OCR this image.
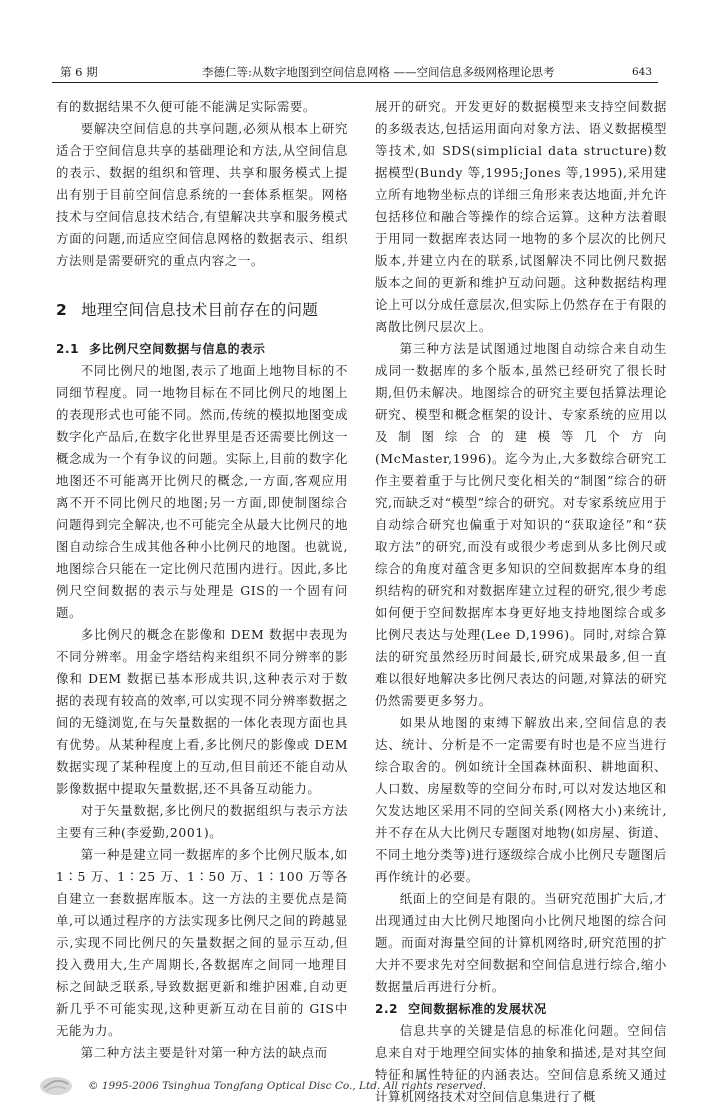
第 6 期	李德仁等:从数字地图到空间信息网格 ——空间信息多级网格理论思考	643

有的数据结果不久便可能不能满足实际需要。

要解决空间信息的共享问题,必须从根本上研究适合于空间信息共享的基础理论和方法,从空间信息的表示、数据的组织和管理、共享和服务模式上提出有别于目前空间信息系统的一套体系框架。网格技术与空间信息技术结合,有望解决共享和服务模式方面的问题,而适应空间信息网格的数据表示、组织方法则是需要研究的重点内容之一。

2 地理空间信息技术目前存在的问题
2.1 多比例尺空间数据与信息的表示

不同比例尺的地图,表示了地面上地物目标的不同细节程度。同一地物目标在不同比例尺的地图上的表现形式也可能不同。然而,传统的模拟地图变成数字化产品后,在数字化世界里是否还需要比例这一概念成为一个有争议的问题。实际上,目前的数字化地图还不可能离开比例尺的概念,一方面,客观应用离不开不同比例尺的地图;另一方面,即使制图综合问题得到完全解决,也不可能完全从最大比例尺的地图自动综合生成其他各种小比例尺的地图。也就说,地图综合只能在一定比例尺范围内进行。因此,多比例尺空间数据的表示与处理是 GIS的一个固有问题。

多比例尺的概念在影像和 DEM 数据中表现为不同分辨率。用金字塔结构来组织不同分辨率的影像和 DEM 数据已基本形成共识,这种表示对于数据的表现有较高的效率,可以实现不同分辨率数据之间的无缝浏览,在与矢量数据的一体化表现方面也具有优势。从某种程度上看,多比例尺的影像或 DEM 数据实现了某种程度上的互动,但目前还不能自动从影像数据中提取矢量数据,还不具备互动能力。

对于矢量数据,多比例尺的数据组织与表示方法主要有三种(李爱勤,2001)。

第一种是建立同一数据库的多个比例尺版本,如 1∶5 万、1∶25 万、1∶50 万、1∶100 万等各自建立一套数据库版本。这一方法的主要优点是简单,可以通过程序的方法实现多比例尺之间的跨越显示,实现不同比例尺的矢量数据之间的显示互动,但投入费用大,生产周期长,各数据库之间同一地理目标之间缺乏联系,导致数据更新和维护困难,自动更新几乎不可能实现,这种更新互动在目前的 GIS中无能为力。

第二种方法主要是针对第一种方法的缺点而

展开的研究。开发更好的数据模型来支持空间数据的多级表达,包括运用面向对象方法、语义数据模型等技术,如 SDS(simplicial data structure)数据模型(Bundy 等,1995;Jones 等,1995),采用建立所有地物坐标点的详细三角形来表达地面,并允许包括移位和融合等操作的综合运算。这种方法着眼于用同一数据库表达同一地物的多个层次的比例尺版本,并建立内在的联系,试图解决不同比例尺数据版本之间的更新和维护互动问题。这种数据结构理论上可以分成任意层次,但实际上仍然存在于有限的离散比例尺层次上。

第三种方法是试图通过地图自动综合来自动生成同一数据库的多个版本,虽然已经研究了很长时期,但仍未解决。地图综合的研究主要包括算法理论研究、模型和概念框架的设计、专家系统的应用以及制图综合的建模等几个方向(McMaster,1996)。迄今为止,大多数综合研究工作主要着重于与比例尺变化相关的“制图”综合的研究,而缺乏对“模型”综合的研究。对专家系统应用于自动综合研究也偏重于对知识的“获取途径”和“获取方法”的研究,而没有或很少考虑到从多比例尺或综合的角度对蕴含更多知识的空间数据库本身的组织结构的研究和对数据库建立过程的研究,很少考虑如何便于空间数据库本身更好地支持地图综合或多比例尺表达与处理(Lee D,1996)。同时,对综合算法的研究虽然经历时间最长,研究成果最多,但一直难以很好地解决多比例尺表达的问题,对算法的研究仍然需要更多努力。

如果从地图的束缚下解放出来,空间信息的表达、统计、分析是不一定需要有时也是不应当进行综合取舍的。例如统计全国森林面积、耕地面积、人口数、房屋数等的空间分布时,可以对发达地区和欠发达地区采用不同的空间关系(网格大小)来统计,并不存在从大比例尺专题图对地物(如房屋、街道、不同土地分类等)进行逐级综合成小比例尺专题图后再作统计的必要。

纸面上的空间是有限的。当研究范围扩大后,才出现通过由大比例尺地图向小比例尺地图的综合问题。而面对海量空间的计算机网络时,研究范围的扩大并不要求先对空间数据和空间信息进行综合,缩小数据量后再进行分析。

2.2 空间数据标准的发展状况

信息共享的关键是信息的标准化问题。空间信息来自对于地理空间实体的抽象和描述,是对其空间特征和属性特征的内涵表达。空间信息系统又通过计算机网络技术对空间信息集进行了概

© 1995-2006 Tsinghua Tongfang Optical Disc Co., Ltd. All rights reserved.
